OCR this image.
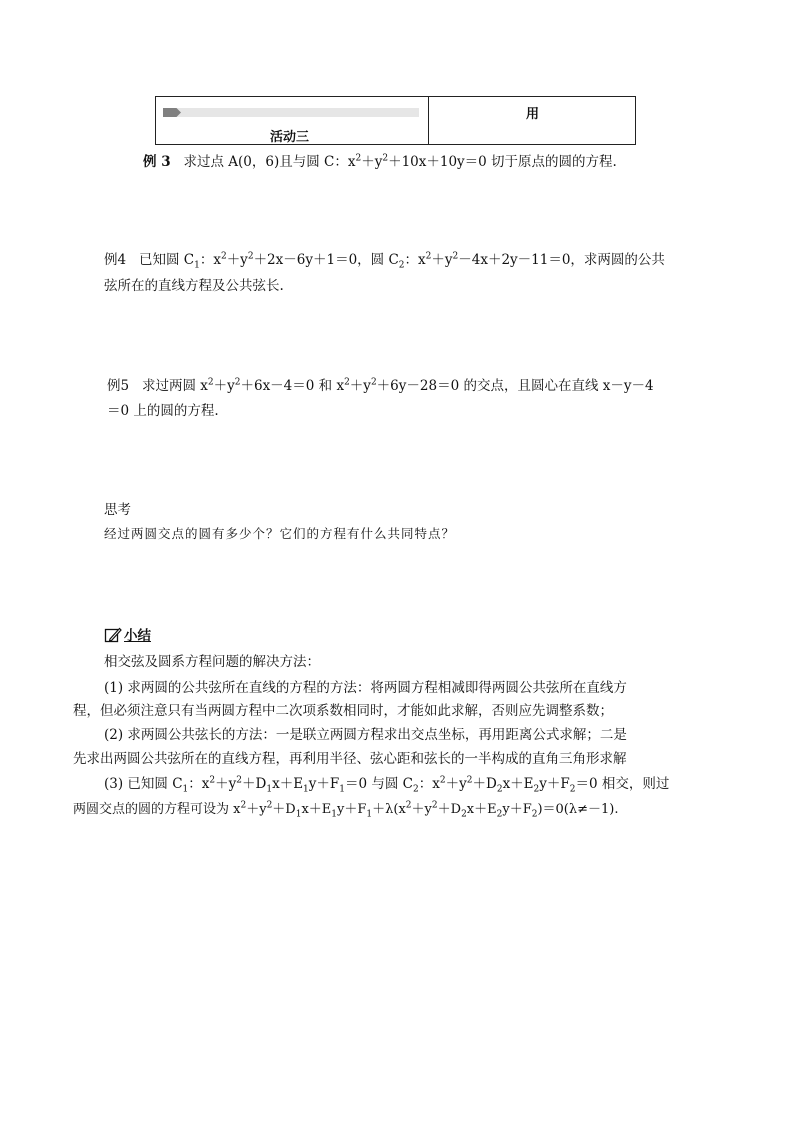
活动三
用
例 3 求过点 A(0，6)且与圆 C：$x^2+y^2+10x+10y=0$ 切于原点的圆的方程.
例4 已知圆 $C_1$：$x^2+y^2+2x-6y+1=0$，圆 $C_2$：$x^2+y^2-4x+2y-11=0$，求两圆的公共
弦所在的直线方程及公共弦长.
例5 求过两圆 $x^2+y^2+6x-4=0$ 和 $x^2+y^2+6y-28=0$ 的交点，且圆心在直线 x－y－4
＝0 上的圆的方程.
思考
经过两圆交点的圆有多少个？它们的方程有什么共同特点？
小结
相交弦及圆系方程问题的解决方法：
(1) 求两圆的公共弦所在直线的方程的方法：将两圆方程相减即得两圆公共弦所在直线方
程，但必须注意只有当两圆方程中二次项系数相同时，才能如此求解，否则应先调整系数；
(2) 求两圆公共弦长的方法：一是联立两圆方程求出交点坐标，再用距离公式求解；二是
先求出两圆公共弦所在的直线方程，再利用半径、弦心距和弦长的一半构成的直角三角形求解
(3) 已知圆 $C_1$：$x^2+y^2+D_1x+E_1y+F_1=0$ 与圆 $C_2$：$x^2+y^2+D_2x+E_2y+F_2=0$ 相交，则过
两圆交点的圆的方程可设为 $x^2+y^2+D_1x+E_1y+F_1+\lambda(x^2+y^2+D_2x+E_2y+F_2)=0(\lambda\ne-1)$.
